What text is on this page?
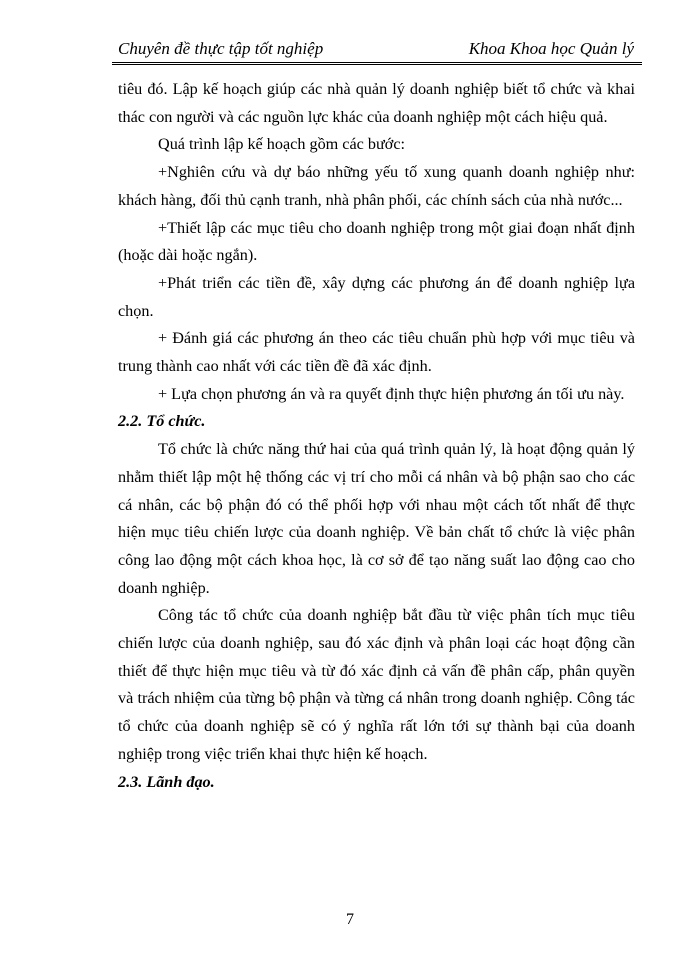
Chuyên đề thực tập tốt nghiệp	Khoa Khoa học Quản lý

tiêu đó. Lập kế hoạch giúp các nhà quản lý doanh nghiệp biết tổ chức và khai thác con người và các nguồn lực khác của doanh nghiệp một cách hiệu quả.

Quá trình lập kế hoạch gồm các bước:

+Nghiên cứu và dự báo những yếu tố xung quanh doanh nghiệp như: khách hàng, đối thủ cạnh tranh, nhà phân phối, các chính sách của nhà nước...

+Thiết lập các mục tiêu cho doanh nghiệp trong một giai đoạn nhất định (hoặc dài hoặc ngắn).

+Phát triển các tiền đề, xây dựng các phương án để doanh nghiệp lựa chọn.

+ Đánh giá các phương án theo các tiêu chuẩn phù hợp với mục tiêu và trung thành cao nhất với các tiền đề đã xác định.

+ Lựa chọn phương án và ra quyết định thực hiện phương án tối ưu này.

2.2. Tổ chức.

Tổ chức là chức năng thứ hai của quá trình quản lý, là hoạt động quản lý nhằm thiết lập một hệ thống các vị trí cho mỗi cá nhân và bộ phận sao cho các cá nhân, các bộ phận đó có thể phối hợp với nhau một cách tốt nhất để thực hiện mục tiêu chiến lược của doanh nghiệp. Về bản chất tổ chức là việc phân công lao động một cách khoa học, là cơ sở để tạo năng suất lao động cao cho doanh nghiệp.

Công tác tổ chức của doanh nghiệp bắt đầu từ việc phân tích mục tiêu chiến lược của doanh nghiệp, sau đó xác định và phân loại các hoạt động cần thiết để thực hiện mục tiêu và từ đó xác định cả vấn đề phân cấp, phân quyền và trách nhiệm của từng bộ phận và từng cá nhân trong doanh nghiệp. Công tác tổ chức của doanh nghiệp sẽ có ý nghĩa rất lớn tới sự thành bại của doanh nghiệp trong việc triển khai thực hiện kế hoạch.

2.3. Lãnh đạo.

7
